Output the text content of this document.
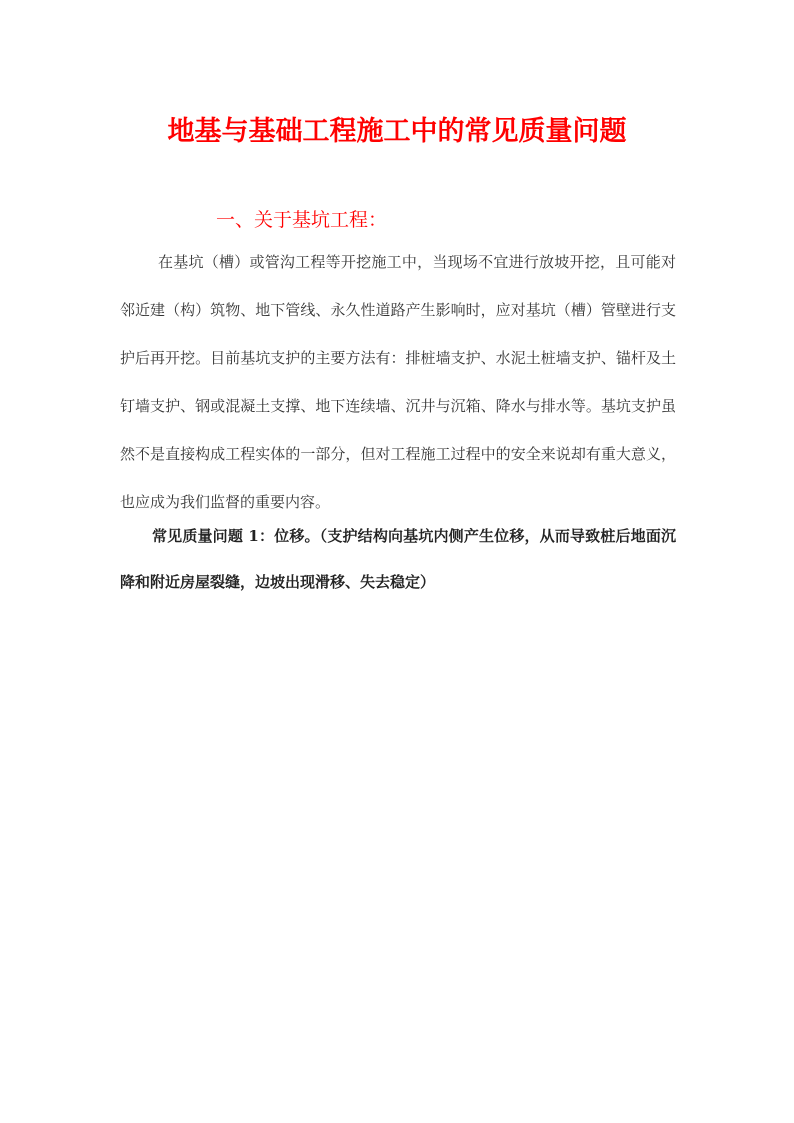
地基与基础工程施工中的常见质量问题
一、关于基坑工程：
在基坑（槽）或管沟工程等开挖施工中，当现场不宜进行放坡开挖，且可能对邻近建（构）筑物、地下管线、永久性道路产生影响时，应对基坑（槽）管壁进行支护后再开挖。目前基坑支护的主要方法有：排桩墙支护、水泥土桩墙支护、锚杆及土钉墙支护、钢或混凝土支撑、地下连续墙、沉井与沉箱、降水与排水等。基坑支护虽然不是直接构成工程实体的一部分，但对工程施工过程中的安全来说却有重大意义，也应成为我们监督的重要内容。
常见质量问题 1：位移。（支护结构向基坑内侧产生位移，从而导致桩后地面沉降和附近房屋裂缝，边坡出现滑移、失去稳定）
